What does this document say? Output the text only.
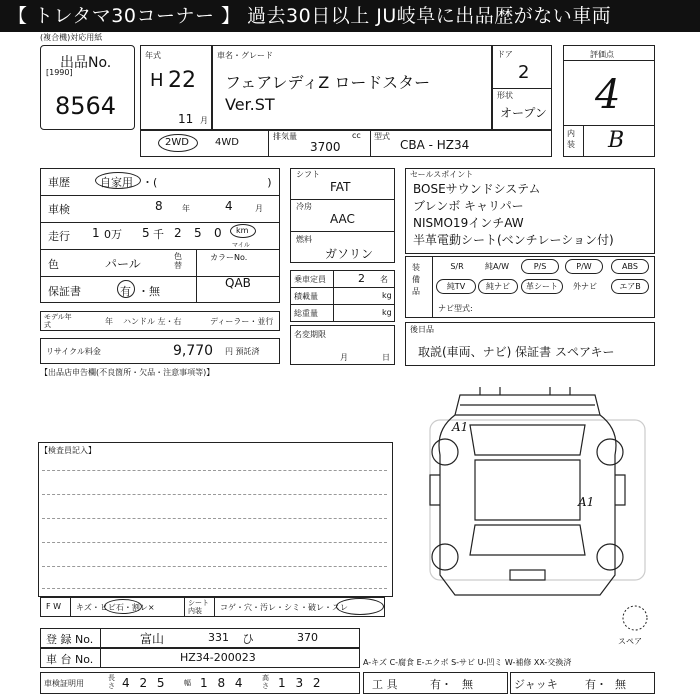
【 トレタマ30コーナー 】 過去30日以上 JU岐阜に出品歴がない車両
(複合機)対応用紙
出品No.
[1990]
8564
年式
H 22
11 月
車名・グレード
フェアレディZ ロードスター
Ver.ST
ドア
2
形状
オープン
評価点
4
内装 B
2WD	4WD
排気量
3700
cc 型式
CBA - HZ34
車歴	自家用 ・(　　　　　　　　　　)
車検	8 年	4	月
走行 1 0万 5 千 2 5 0 km
マイル
色	パール
色替
カラーNo.
QAB
保証書	有 ・無
モデル年式	年 ハンドル 左・右	ディーラー・並行
リサイクル料金	9,770 円 預託済
シフト
FAT
冷房
AAC
燃料
ガソリン
乗車定員	2 名
積載量	kg
総重量	kg
名変期限
月	日
セールスポイント
BOSEサウンドシステム
ブレンボ キャリパー
NISMO19インチAW
半革電動シート(ベンチレーション付)
装備品
S/R	純A/W	P/S	P/W	ABS
純TV	純ナビ	革シート	外ナビ	エアB
ナビ型式:
後日品
取説(車両、ナビ) 保証書 スペアキー
【出品店申告欄(不良箇所・欠品・注意事項等)】
【検査員記入】
F W キズ・ヒビ石・割レ×	シート内装	コゲ・穴・汚レ・シミ・破レ・スレ
A1
A1
スペア
登 録 No.	富山	331 ひ	370
車 台 No.	HZ34-200023	A-キズ C-腐食 E-エクボ S-サビ U-凹ミ W-補修 XX-交換済
車検証明用
長さ 4 2 5 幅 1 8 4 高さ 1 3 2	工 具	有・ 無	ジャッキ 有・ 無
